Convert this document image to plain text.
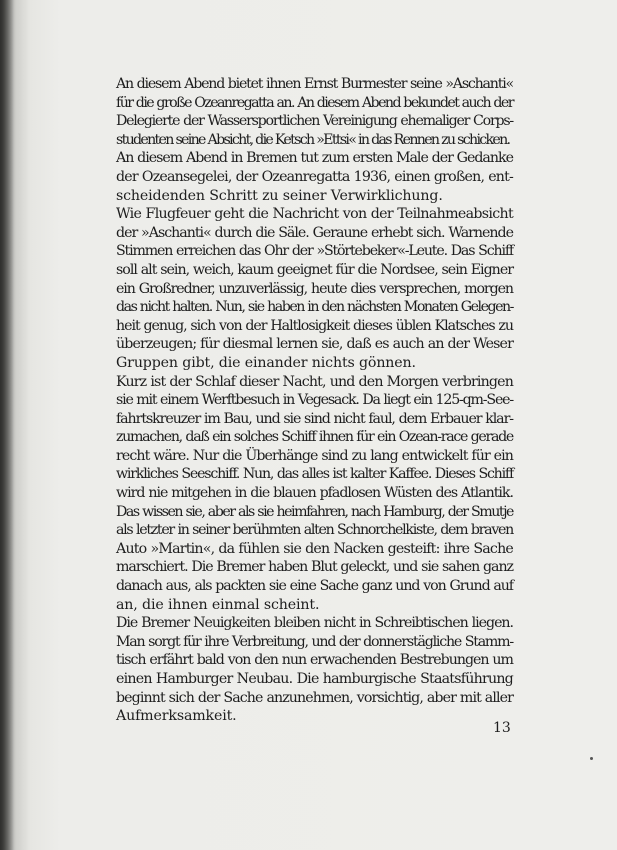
An diesem Abend bietet ihnen Ernst Burmester seine »Aschanti«
für die große Ozeanregatta an. An diesem Abend bekundet auch der
Delegierte der Wassersportlichen Vereinigung ehemaliger Corps-
studenten seine Absicht, die Ketsch »Ettsi« in das Rennen zu schicken.
An diesem Abend in Bremen tut zum ersten Male der Gedanke
der Ozeansegelei, der Ozeanregatta 1936, einen großen, ent-
scheidenden Schritt zu seiner Verwirklichung.
Wie Flugfeuer geht die Nachricht von der Teilnahmeabsicht
der »Aschanti« durch die Säle. Geraune erhebt sich. Warnende
Stimmen erreichen das Ohr der »Störtebeker«-Leute. Das Schiff
soll alt sein, weich, kaum geeignet für die Nordsee, sein Eigner
ein Großredner, unzuverlässig, heute dies versprechen, morgen
das nicht halten. Nun, sie haben in den nächsten Monaten Gelegen-
heit genug, sich von der Haltlosigkeit dieses üblen Klatsches zu
überzeugen; für diesmal lernen sie, daß es auch an der Weser
Gruppen gibt, die einander nichts gönnen.
Kurz ist der Schlaf dieser Nacht, und den Morgen verbringen
sie mit einem Werftbesuch in Vegesack. Da liegt ein 125-qm-See-
fahrtskreuzer im Bau, und sie sind nicht faul, dem Erbauer klar-
zumachen, daß ein solches Schiff ihnen für ein Ozean-race gerade
recht wäre. Nur die Überhänge sind zu lang entwickelt für ein
wirkliches Seeschiff. Nun, das alles ist kalter Kaffee. Dieses Schiff
wird nie mitgehen in die blauen pfadlosen Wüsten des Atlantik.
Das wissen sie, aber als sie heimfahren, nach Hamburg, der Smutje
als letzter in seiner berühmten alten Schnorchelkiste, dem braven
Auto »Martin«, da fühlen sie den Nacken gesteift: ihre Sache
marschiert. Die Bremer haben Blut geleckt, und sie sahen ganz
danach aus, als packten sie eine Sache ganz und von Grund auf
an, die ihnen einmal scheint.
Die Bremer Neuigkeiten bleiben nicht in Schreibtischen liegen.
Man sorgt für ihre Verbreitung, und der donnerstägliche Stamm-
tisch erfährt bald von den nun erwachenden Bestrebungen um
einen Hamburger Neubau. Die hamburgische Staatsführung
beginnt sich der Sache anzunehmen, vorsichtig, aber mit aller
Aufmerksamkeit.
13
